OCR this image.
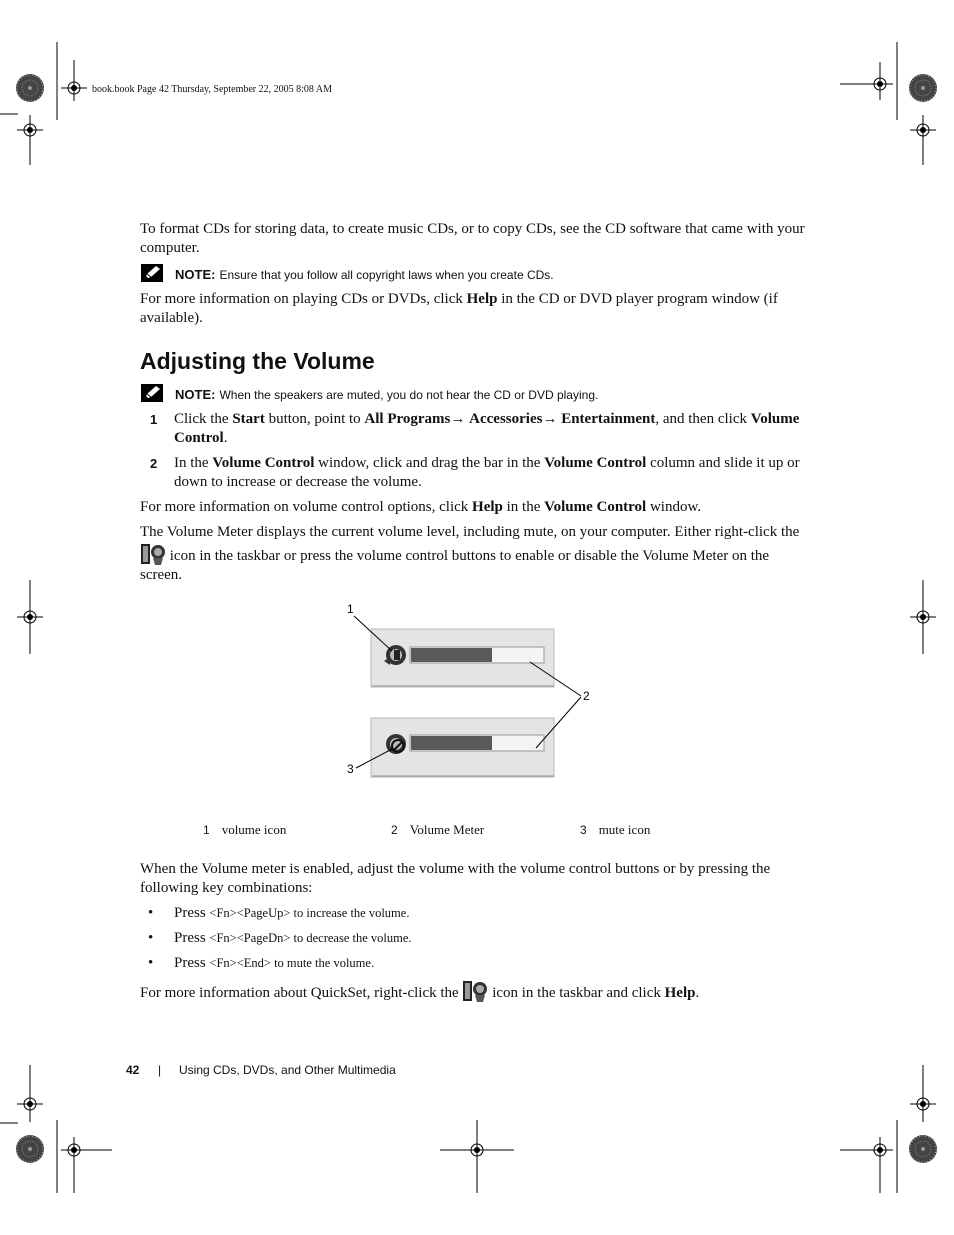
book.book Page 42 Thursday, September 22, 2005 8:08 AM
To format CDs for storing data, to create music CDs, or to copy CDs, see the CD software that came with your computer.
NOTE: Ensure that you follow all copyright laws when you create CDs.
For more information on playing CDs or DVDs, click Help in the CD or DVD player program window (if available).
Adjusting the Volume
NOTE: When the speakers are muted, you do not hear the CD or DVD playing.
1 Click the Start button, point to All Programs→ Accessories→ Entertainment, and then click Volume Control.
2 In the Volume Control window, click and drag the bar in the Volume Control column and slide it up or down to increase or decrease the volume.
For more information on volume control options, click Help in the Volume Control window.
The Volume Meter displays the current volume level, including mute, on your computer. Either right-click the  icon in the taskbar or press the volume control buttons to enable or disable the Volume Meter on the screen.
1
2
3
1 volume icon	2 Volume Meter	3 mute icon
When the Volume meter is enabled, adjust the volume with the volume control buttons or by pressing the following key combinations:
• Press <Fn><PageUp> to increase the volume.
• Press <Fn><PageDn> to decrease the volume.
• Press <Fn><End> to mute the volume.
For more information about QuickSet, right-click the  icon in the taskbar and click Help.
42 | Using CDs, DVDs, and Other Multimedia
